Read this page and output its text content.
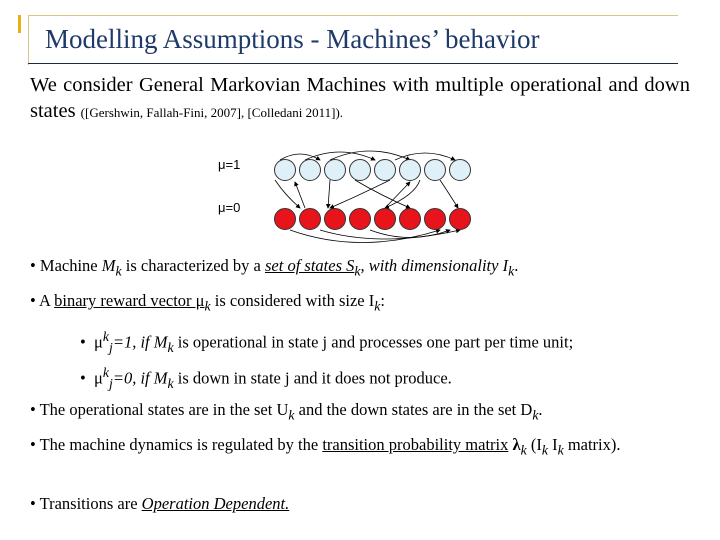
Modelling Assumptions - Machines’ behavior
We consider General Markovian Machines with multiple operational and down states ([Gershwin, Fallah-Fini, 2007], [Colledani 2011]).
μ=1
μ=0
• Machine $M_k$ is characterized by a set of states $S_k$, with dimensionality $I_k$.
• A binary reward vector $\mu_k$ is considered with size $I_k$:
• $\mu^k_j=1$, if $M_k$ is operational in state j and processes one part per time unit;
• $\mu^k_j=0$, if $M_k$ is down in state j and it does not produce.
• The operational states are in the set $U_k$ and the down states are in the set $D_k$.
• The machine dynamics is regulated by the transition probability matrix $\lambda_k$ ($I_k$ $I_k$ matrix).
• Transitions are Operation Dependent.
